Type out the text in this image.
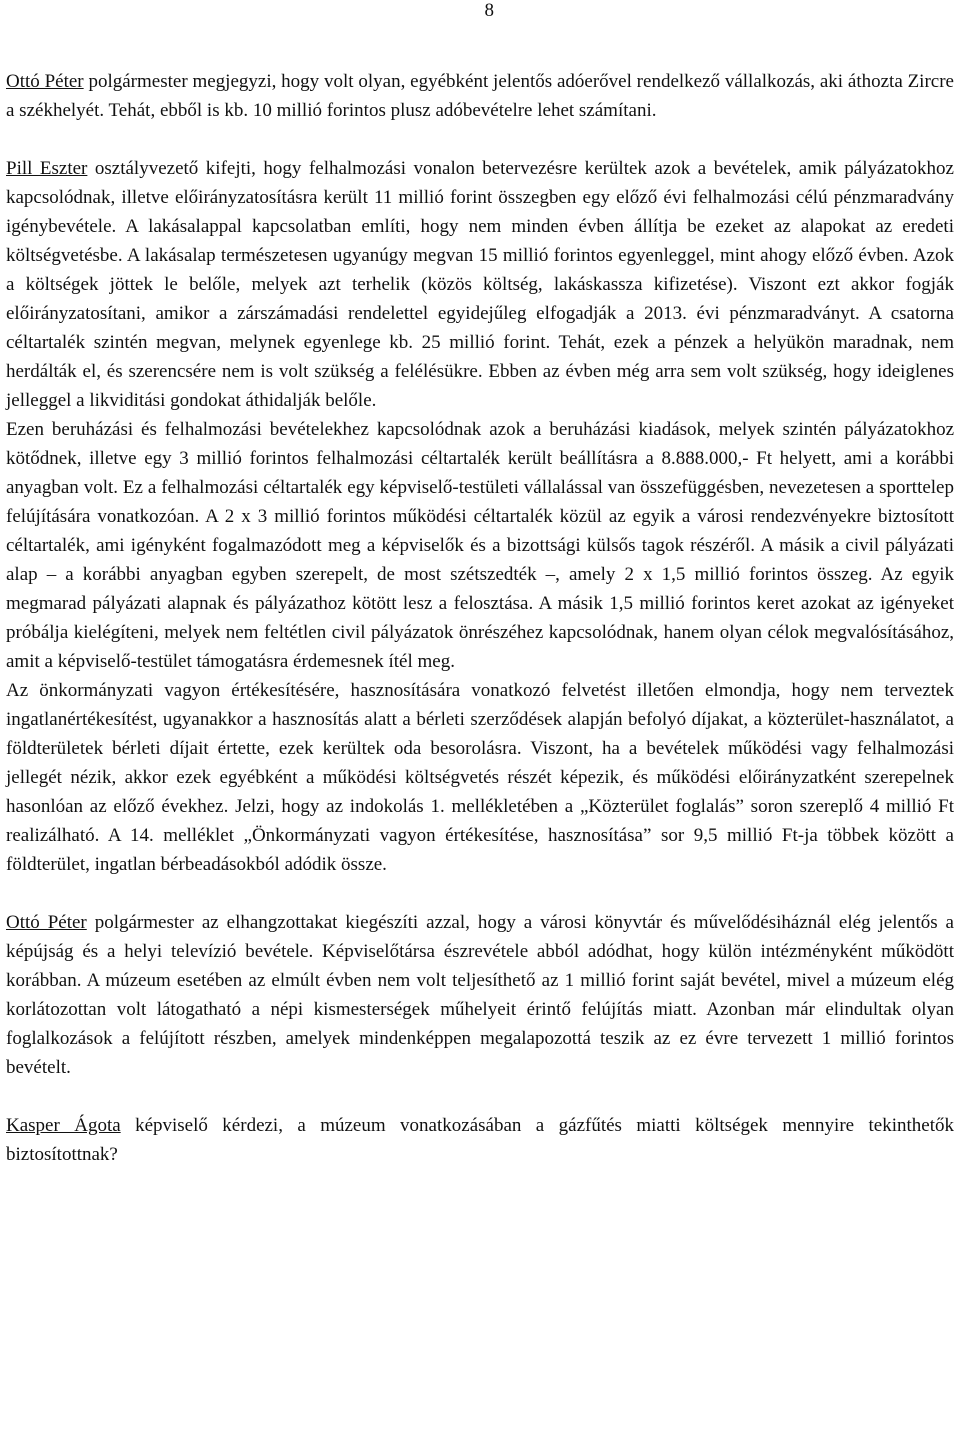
8

Ottó Péter polgármester megjegyzi, hogy volt olyan, egyébként jelentős adóerővel rendelkező vállalkozás, aki áthozta Zircre a székhelyét. Tehát, ebből is kb. 10 millió forintos plusz adóbevételre lehet számítani.

Pill Eszter osztályvezető kifejti, hogy felhalmozási vonalon betervezésre kerültek azok a bevételek, amik pályázatokhoz kapcsolódnak, illetve előirányzatosításra került 11 millió forint összegben egy előző évi felhalmozási célú pénzmaradvány igénybevétele. A lakásalappal kapcsolatban említi, hogy nem minden évben állítja be ezeket az alapokat az eredeti költségvetésbe. A lakásalap természetesen ugyanúgy megvan 15 millió forintos egyenleggel, mint ahogy előző évben. Azok a költségek jöttek le belőle, melyek azt terhelik (közös költség, lakáskassza kifizetése). Viszont ezt akkor fogják előirányzatosítani, amikor a zárszámadási rendelettel egyidejűleg elfogadják a 2013. évi pénzmaradványt. A csatorna céltartalék szintén megvan, melynek egyenlege kb. 25 millió forint. Tehát, ezek a pénzek a helyükön maradnak, nem herdálták el, és szerencsére nem is volt szükség a felélésükre. Ebben az évben még arra sem volt szükség, hogy ideiglenes jelleggel a likviditási gondokat áthidalják belőle.

Ezen beruházási és felhalmozási bevételekhez kapcsolódnak azok a beruházási kiadások, melyek szintén pályázatokhoz kötődnek, illetve egy 3 millió forintos felhalmozási céltartalék került beállításra a 8.888.000,- Ft helyett, ami a korábbi anyagban volt. Ez a felhalmozási céltartalék egy képviselő-testületi vállalással van összefüggésben, nevezetesen a sporttelep felújítására vonatkozóan. A 2 x 3 millió forintos működési céltartalék közül az egyik a városi rendezvényekre biztosított céltartalék, ami igényként fogalmazódott meg a képviselők és a bizottsági külsős tagok részéről. A másik a civil pályázati alap – a korábbi anyagban egyben szerepelt, de most szétszedték –, amely 2 x 1,5 millió forintos összeg. Az egyik megmarad pályázati alapnak és pályázathoz kötött lesz a felosztása. A másik 1,5 millió forintos keret azokat az igényeket próbálja kielégíteni, melyek nem feltétlen civil pályázatok önrészéhez kapcsolódnak, hanem olyan célok megvalósításához, amit a képviselő-testület támogatásra érdemesnek ítél meg.

Az önkormányzati vagyon értékesítésére, hasznosítására vonatkozó felvetést illetően elmondja, hogy nem terveztek ingatlanértékesítést, ugyanakkor a hasznosítás alatt a bérleti szerződések alapján befolyó díjakat, a közterület-használatot, a földterületek bérleti díjait értette, ezek kerültek oda besorolásra. Viszont, ha a bevételek működési vagy felhalmozási jellegét nézik, akkor ezek egyébként a működési költségvetés részét képezik, és működési előirányzatként szerepelnek hasonlóan az előző évekhez. Jelzi, hogy az indokolás 1. mellékletében a „Közterület foglalás” soron szereplő 4 millió Ft realizálható. A 14. melléklet „Önkormányzati vagyon értékesítése, hasznosítása” sor 9,5 millió Ft-ja többek között a földterület, ingatlan bérbeadásokból adódik össze.

Ottó Péter polgármester az elhangzottakat kiegészíti azzal, hogy a városi könyvtár és művelődésiháznál elég jelentős a képújság és a helyi televízió bevétele. Képviselőtársa észrevétele abból adódhat, hogy külön intézményként működött korábban. A múzeum esetében az elmúlt évben nem volt teljesíthető az 1 millió forint saját bevétel, mivel a múzeum elég korlátozottan volt látogatható a népi kismesterségek műhelyeit érintő felújítás miatt. Azonban már elindultak olyan foglalkozások a felújított részben, amelyek mindenképpen megalapozottá teszik az ez évre tervezett 1 millió forintos bevételt.

Kasper Ágota képviselő kérdezi, a múzeum vonatkozásában a gázfűtés miatti költségek mennyire tekinthetők biztosítottnak?
